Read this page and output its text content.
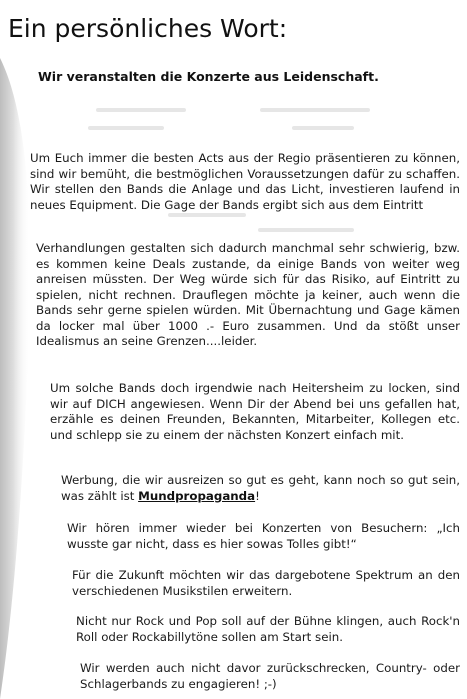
Ein persönliches Wort:
Wir veranstalten die Konzerte aus Leidenschaft.

Um Euch immer die besten Acts aus der Regio präsentieren zu können, sind wir bemüht, die bestmöglichen Voraussetzungen dafür zu schaffen. Wir stellen den Bands die Anlage und das Licht, investieren laufend in neues Equipment. Die Gage der Bands ergibt sich aus dem Eintritt

Verhandlungen gestalten sich dadurch manchmal sehr schwierig, bzw. es kommen keine Deals zustande, da einige Bands von weiter weg anreisen müssten. Der Weg würde sich für das Risiko, auf Eintritt zu spielen, nicht rechnen. Drauflegen möchte ja keiner, auch wenn die Bands sehr gerne spielen würden. Mit Übernachtung und Gage kämen da locker mal über 1000 .- Euro zusammen. Und da stößt unser Idealismus an seine Grenzen....leider.

Um solche Bands doch irgendwie nach Heitersheim zu locken, sind wir auf DICH angewiesen. Wenn Dir der Abend bei uns gefallen hat, erzähle es deinen Freunden, Bekannten, Mitarbeiter, Kollegen etc. und schlepp sie zu einem der nächsten Konzert einfach mit.

Werbung, die wir ausreizen so gut es geht, kann noch so gut sein, was zählt ist Mundpropaganda!

Wir hören immer wieder bei Konzerten von Besuchern: „Ich wusste gar nicht, dass es hier sowas Tolles gibt!“

Für die Zukunft möchten wir das dargebotene Spektrum an den verschiedenen Musikstilen erweitern.

Nicht nur Rock und Pop soll auf der Bühne klingen, auch Rock'n Roll oder Rockabillytöne sollen am Start sein.

Wir werden auch nicht davor zurückschrecken, Country- oder Schlagerbands zu engagieren! ;-)
